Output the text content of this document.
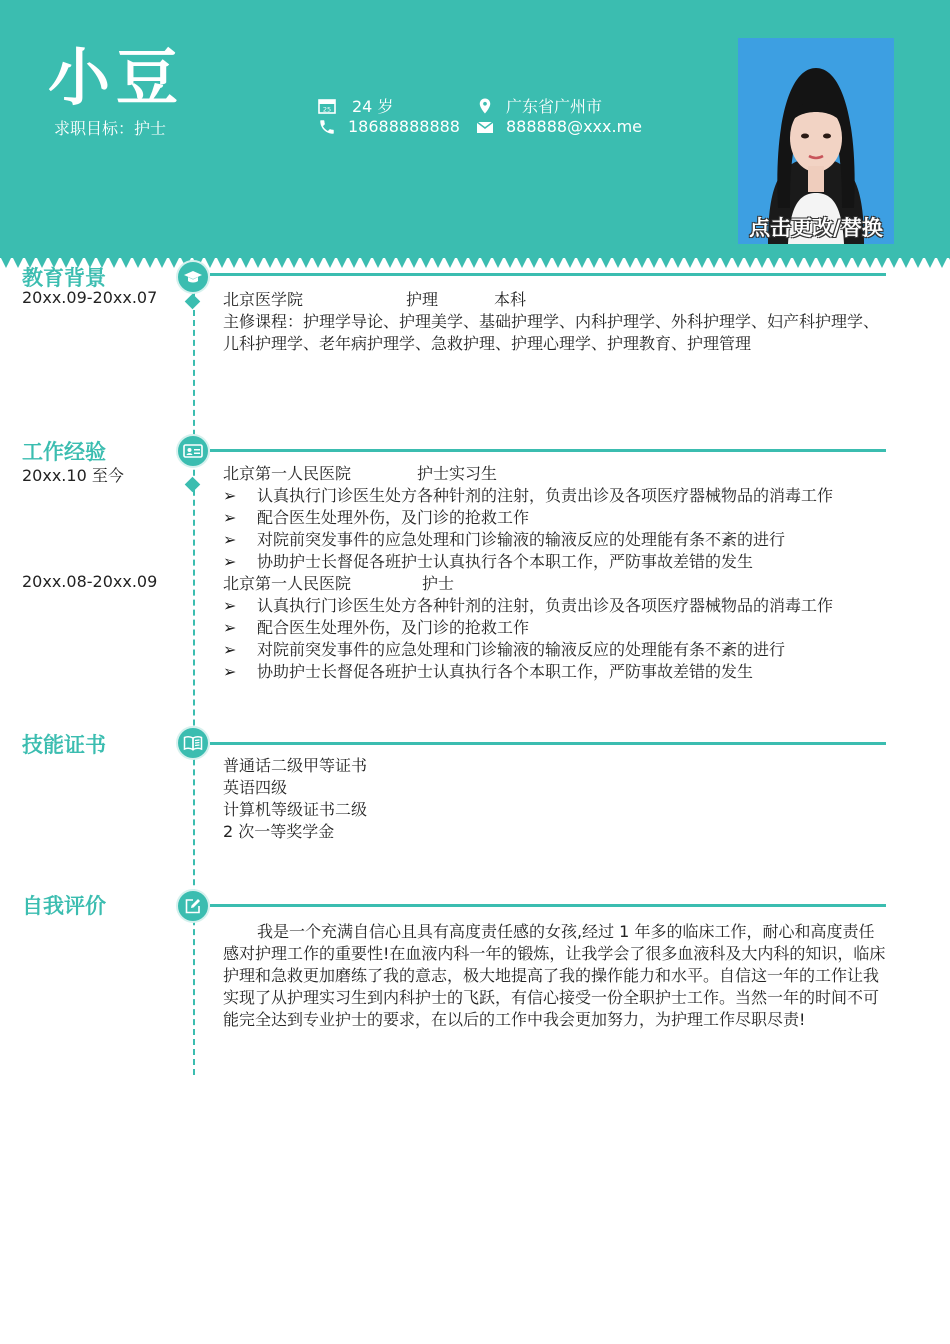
小豆
求职目标：护士
25 24 岁
18688888888
广东省广州市
888888@xxx.me
点击更改/替换
教育背景
20xx.09-20xx.07	北京医学院	护理	本科
主修课程：护理学导论、护理美学、基础护理学、内科护理学、外科护理学、妇产科护理学、儿科护理学、老年病护理学、急救护理、护理心理学、护理教育、护理管理
工作经验
20xx.10 至今	北京第一人民医院	护士实习生
➢	认真执行门诊医生处方各种针剂的注射，负责出诊及各项医疗器械物品的消毒工作
➢	配合医生处理外伤，及门诊的抢救工作
➢	对院前突发事件的应急处理和门诊输液的输液反应的处理能有条不紊的进行
➢	协助护士长督促各班护士认真执行各个本职工作，严防事故差错的发生
20xx.08-20xx.09	北京第一人民医院	护士
➢	认真执行门诊医生处方各种针剂的注射，负责出诊及各项医疗器械物品的消毒工作
➢	配合医生处理外伤，及门诊的抢救工作
➢	对院前突发事件的应急处理和门诊输液的输液反应的处理能有条不紊的进行
➢	协助护士长督促各班护士认真执行各个本职工作，严防事故差错的发生
技能证书
普通话二级甲等证书
英语四级
计算机等级证书二级
2 次一等奖学金
自我评价
我是一个充满自信心且具有高度责任感的女孩,经过 1 年多的临床工作，耐心和高度责任感对护理工作的重要性!在血液内科一年的锻炼，让我学会了很多血液科及大内科的知识，临床护理和急救更加磨练了我的意志，极大地提高了我的操作能力和水平。自信这一年的工作让我实现了从护理实习生到内科护士的飞跃，有信心接受一份全职护士工作。当然一年的时间不可能完全达到专业护士的要求，在以后的工作中我会更加努力，为护理工作尽职尽责!
